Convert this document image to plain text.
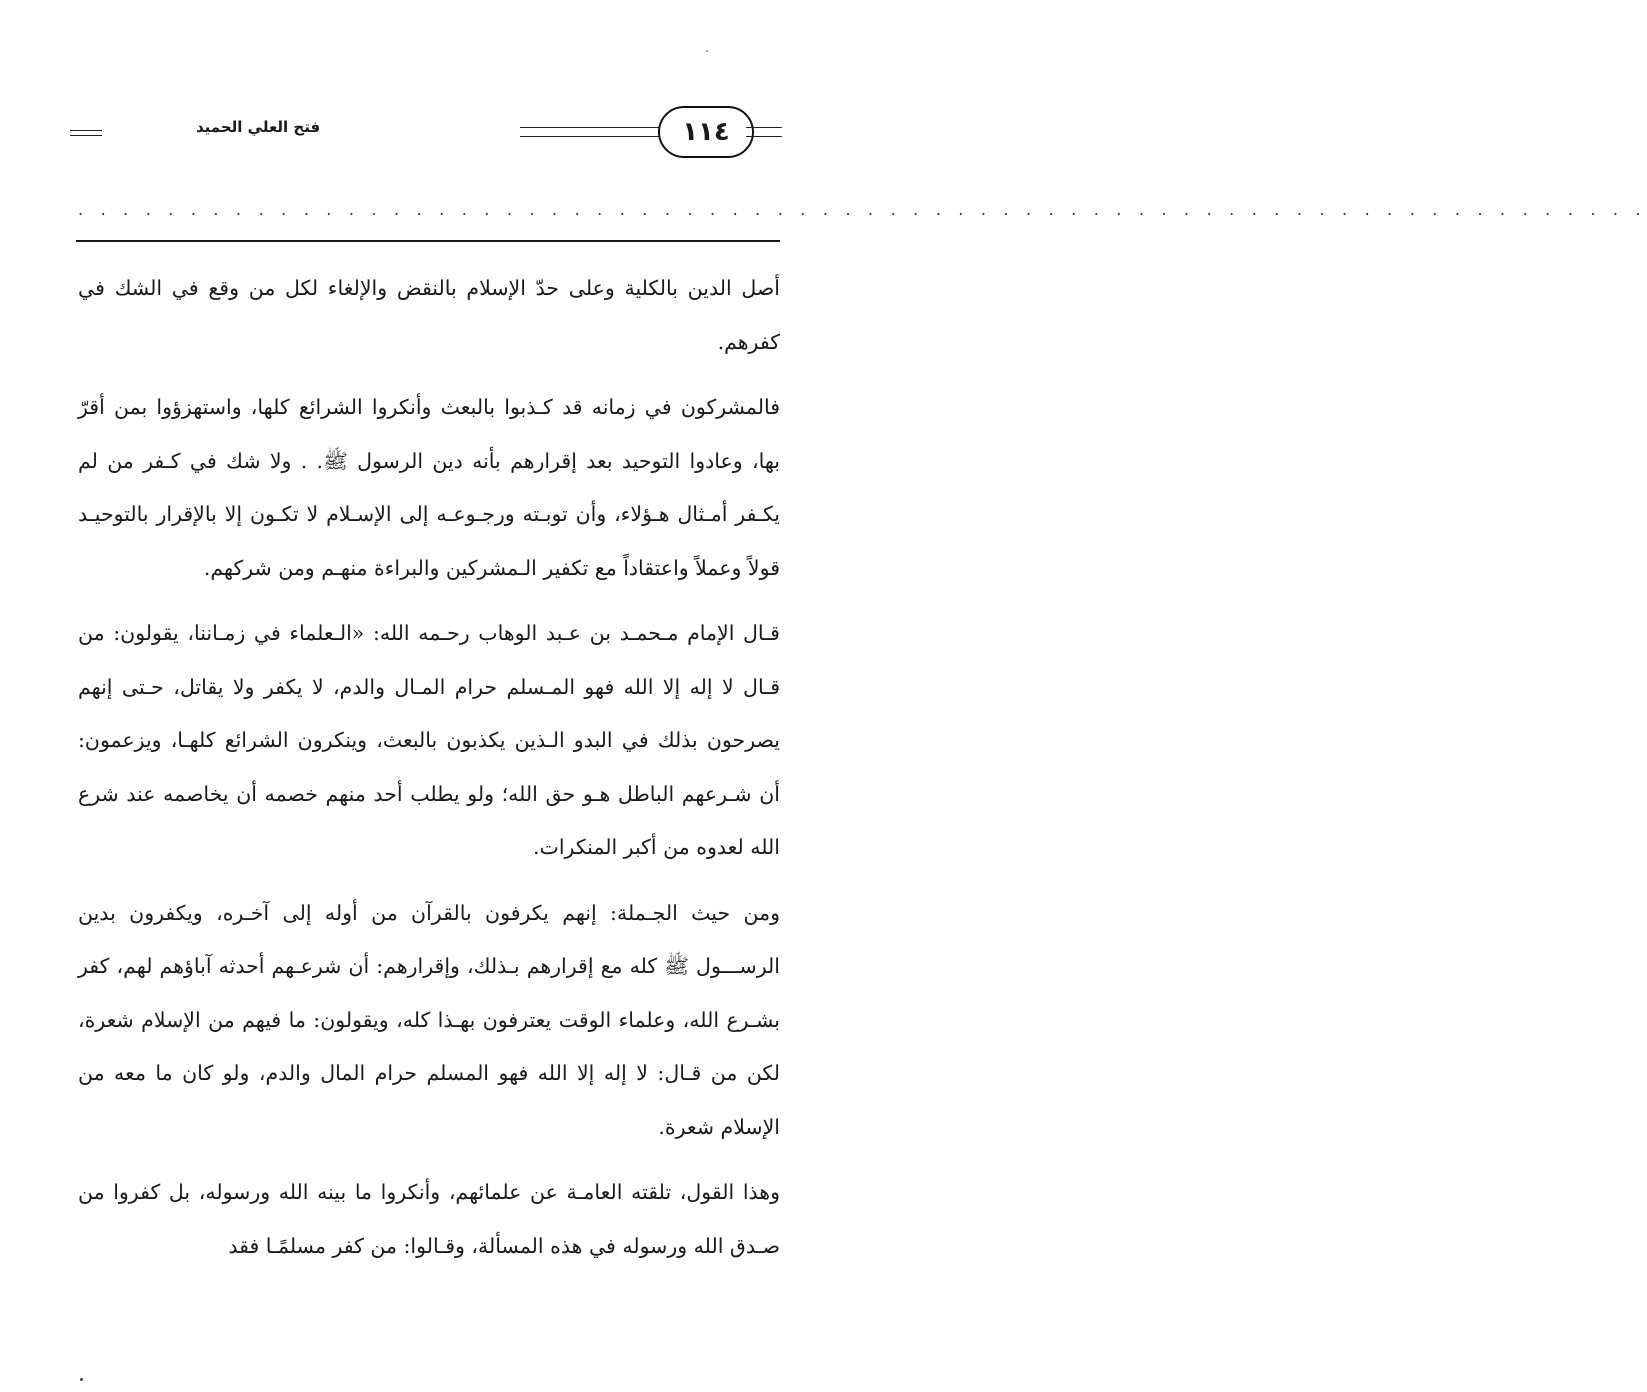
فتح العلي الحميد	١١٤
. . . . . . . . . . . . . . . . . . . . . . . . . . . . . . . . . . . . . . . . . . . . . . . . . . . . . . . . . . . . . . . . . . . . . .

أصل الدين بالكلية وعلى حدّ الإسلام بالنقض والإلغاء لكل من وقع في الشك في كفرهم.

فالمشركون في زمانه قد كـذبوا بالبعث وأنكروا الشرائع كلها، واستهزؤوا بمن أقرّ بها، وعادوا التوحيد بعد إقرارهم بأنه دين الرسول ﷺ. . ولا شك في كـفر من لم يكـفر أمـثال هـؤلاء، وأن توبـته ورجـوعـه إلى الإسـلام لا تكـون إلا بالإقرار بالتوحيـد قولاً وعملاً واعتقاداً مع تكفير الـمشركين والبراءة منهـم ومن شركهم.

قـال الإمام مـحمـد بن عـبد الوهاب رحـمه الله: «الـعلماء في زمـاننا، يقولون: من قـال لا إله إلا الله فهو المـسلم حرام المـال والدم، لا يكفر ولا يقاتل، حـتى إنهم يصرحون بذلك في البدو الـذين يكذبون بالبعث، وينكرون الشرائع كلهـا، ويزعمون: أن شـرعهم الباطل هـو حق الله؛ ولو يطلب أحد منهم خصمه أن يخاصمه عند شرع الله لعدوه من أكبر المنكرات.

ومن حيث الجـملة: إنهم يكرفون بالقرآن من أوله إلى آخـره، ويكفرون بدين الرســـول ﷺ كله مع إقرارهم بـذلك، وإقرارهم: أن شرعـهم أحدثه آباؤهم لهم، كفر بشـرع الله، وعلماء الوقت يعترفون بهـذا كله، ويقولون: ما فيهم من الإسلام شعرة، لكن من قـال: لا إله إلا الله فهو المسلم حرام المال والدم، ولو كان ما معه من الإسلام شعرة.

وهذا القول، تلقته العامـة عن علمائهم، وأنكروا ما بينه الله ورسوله، بل كفروا من صـدق الله ورسوله في هذه المسألة، وقـالوا: من كفر مسلمًـا فقد
